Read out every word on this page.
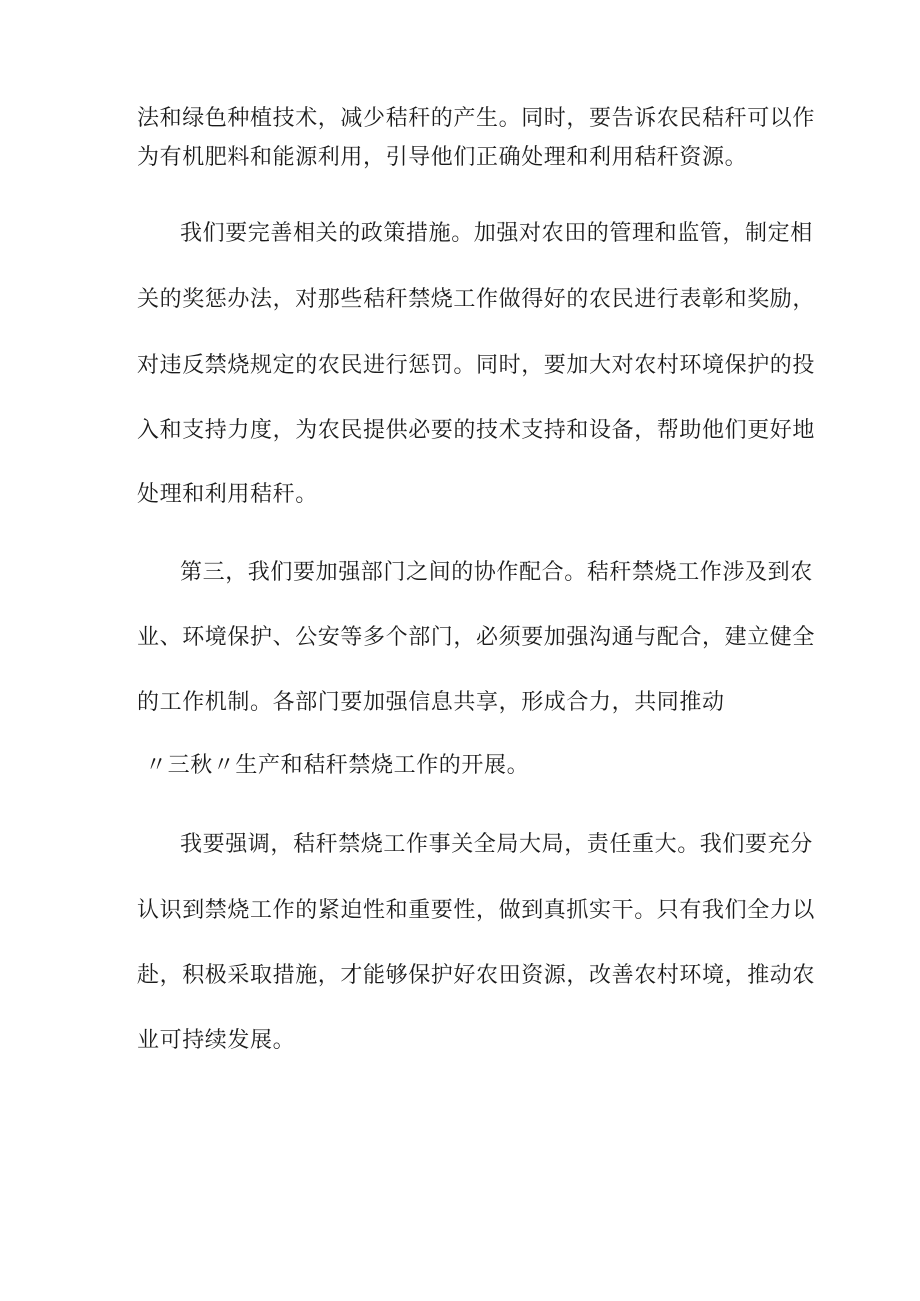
法和绿色种植技术，减少秸秆的产生。同时，要告诉农民秸秆可以作
为有机肥料和能源利用，引导他们正确处理和利用秸秆资源。
我们要完善相关的政策措施。加强对农田的管理和监管，制定相
关的奖惩办法，对那些秸秆禁烧工作做得好的农民进行表彰和奖励，
对违反禁烧规定的农民进行惩罚。同时，要加大对农村环境保护的投
入和支持力度，为农民提供必要的技术支持和设备，帮助他们更好地
处理和利用秸秆。
第三，我们要加强部门之间的协作配合。秸秆禁烧工作涉及到农
业、环境保护、公安等多个部门，必须要加强沟通与配合，建立健全
的工作机制。各部门要加强信息共享，形成合力，共同推动
〃三秋〃生产和秸秆禁烧工作的开展。
我要强调，秸秆禁烧工作事关全局大局，责任重大。我们要充分
认识到禁烧工作的紧迫性和重要性，做到真抓实干。只有我们全力以
赴，积极采取措施，才能够保护好农田资源，改善农村环境，推动农
业可持续发展。
